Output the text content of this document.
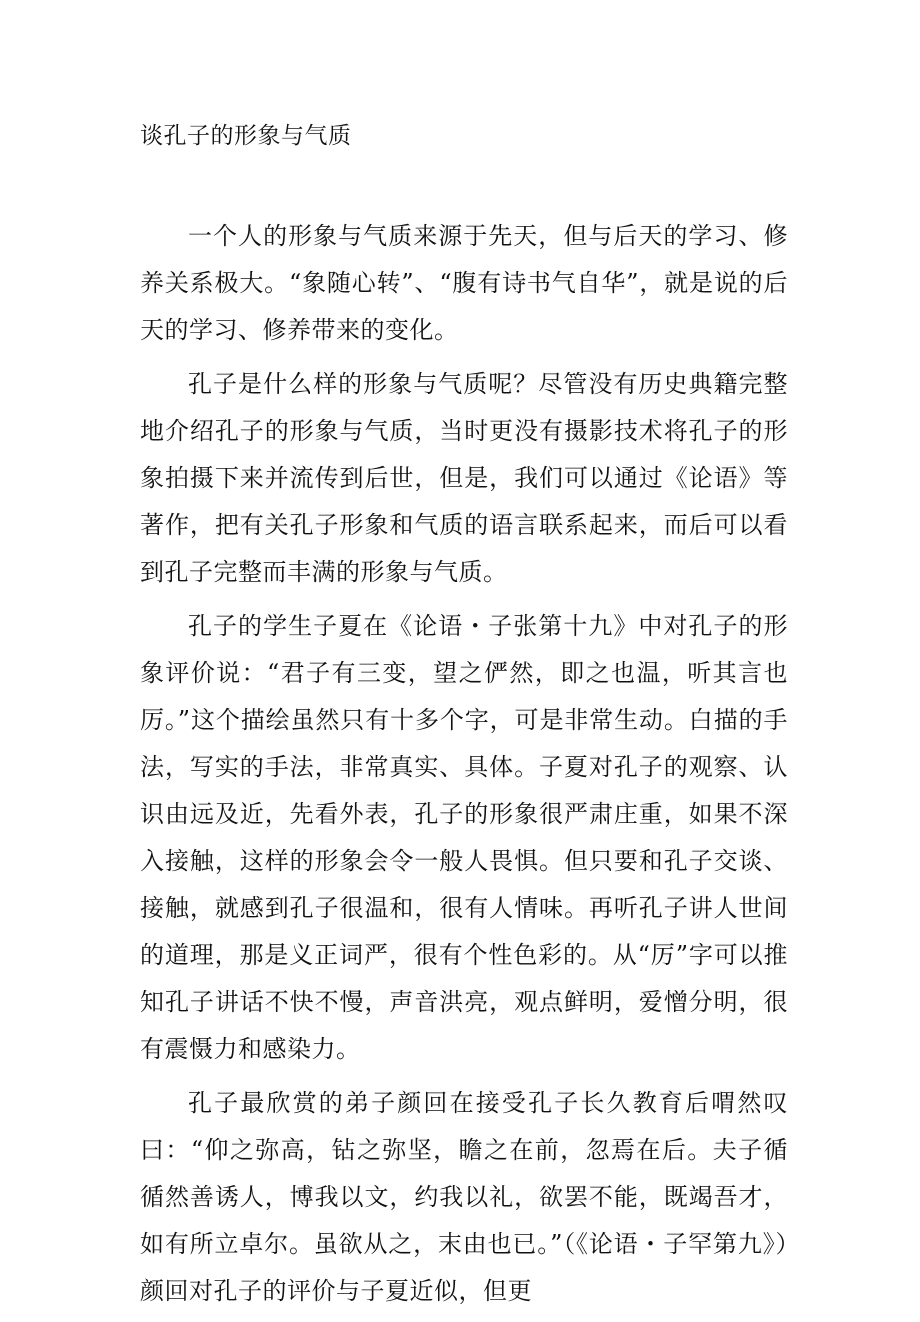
谈孔子的形象与气质

一个人的形象与气质来源于先天，但与后天的学习、修养关系极大。“象随心转”、“腹有诗书气自华”，就是说的后天的学习、修养带来的变化。

孔子是什么样的形象与气质呢？尽管没有历史典籍完整地介绍孔子的形象与气质，当时更没有摄影技术将孔子的形象拍摄下来并流传到后世，但是，我们可以通过《论语》等著作，把有关孔子形象和气质的语言联系起来，而后可以看到孔子完整而丰满的形象与气质。

孔子的学生子夏在《论语・子张第十九》中对孔子的形象评价说：“君子有三变，望之俨然，即之也温，听其言也厉。”这个描绘虽然只有十多个字，可是非常生动。白描的手法，写实的手法，非常真实、具体。子夏对孔子的观察、认识由远及近，先看外表，孔子的形象很严肃庄重，如果不深入接触，这样的形象会令一般人畏惧。但只要和孔子交谈、接触，就感到孔子很温和，很有人情味。再听孔子讲人世间的道理，那是义正词严，很有个性色彩的。从“厉”字可以推知孔子讲话不快不慢，声音洪亮，观点鲜明，爱憎分明，很有震慑力和感染力。

孔子最欣赏的弟子颜回在接受孔子长久教育后喟然叹曰：“仰之弥高，钻之弥坚，瞻之在前，忽焉在后。夫子循循然善诱人，博我以文，约我以礼，欲罢不能，既竭吾才，如有所立卓尔。虽欲从之，末由也已。”（《论语・子罕第九》）颜回对孔子的评价与子夏近似，但更
